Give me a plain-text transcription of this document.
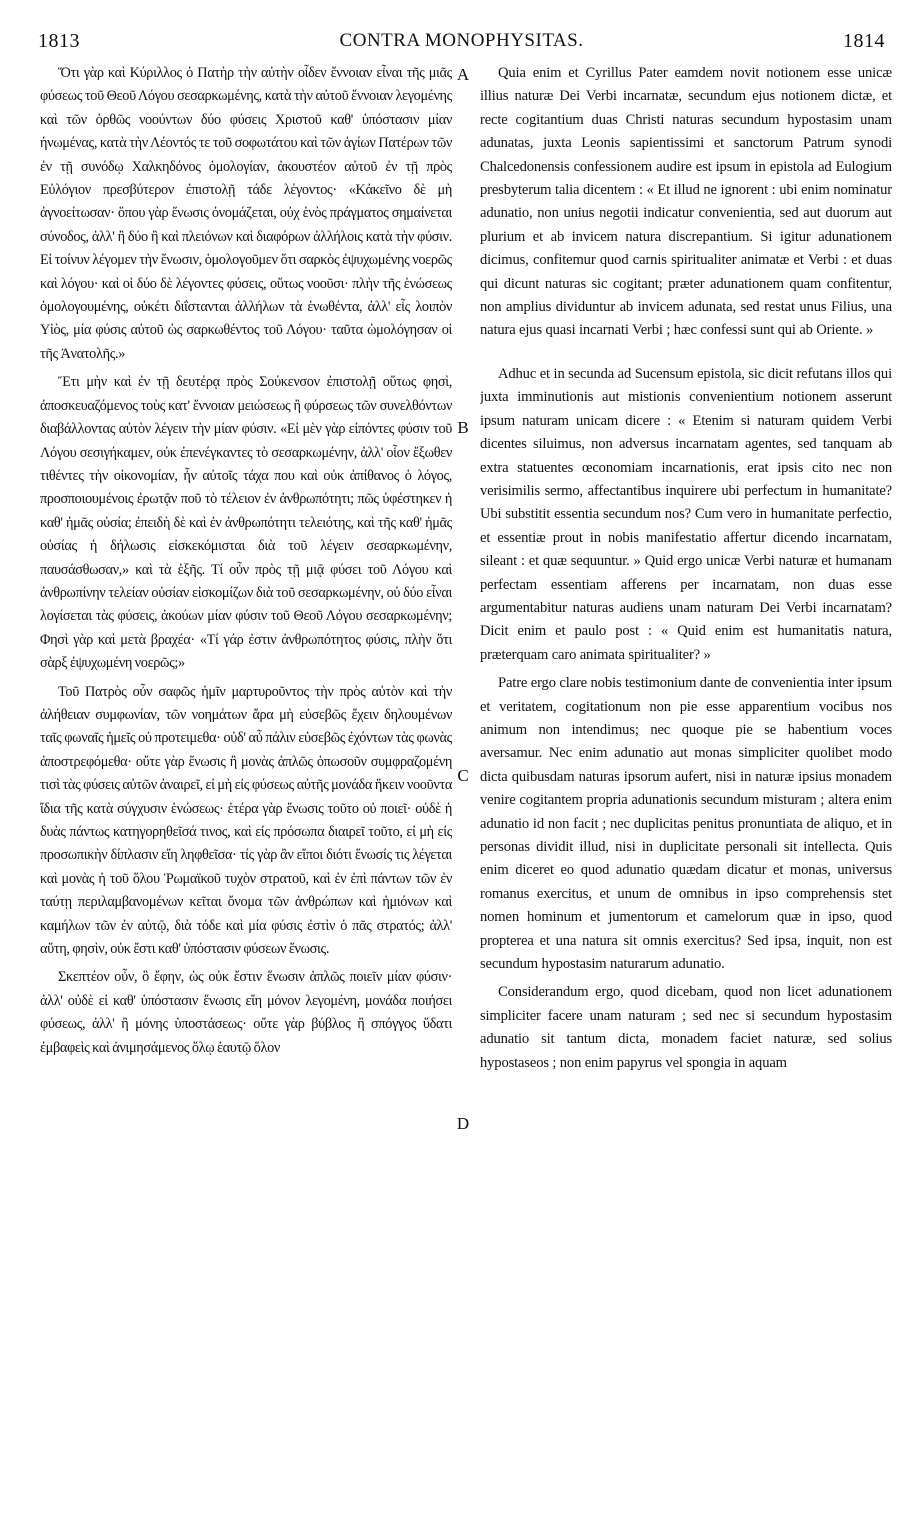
1813	CONTRA MONOPHYSITAS.	1814

Ὅτι γὰρ καὶ Κύριλλος ὁ Πατὴρ τὴν αὐτὴν οἶδεν ἔννοιαν εἶναι τῆς μιᾶς φύσεως τοῦ Θεοῦ Λόγου σεσαρκωμένης, κατὰ τὴν αὐτοῦ ἔννοιαν λεγομένης καὶ τῶν ὀρθῶς νοούντων δύο φύσεις Χριστοῦ καθ' ὑπόστασιν μίαν ἡνωμένας, κατὰ τὴν Λέοντός τε τοῦ σοφωτάτου καὶ τῶν ἁγίων Πατέρων τῶν ἐν τῇ συνόδῳ Χαλκηδόνος ὁμολογίαν, ἀκουστέον αὐτοῦ ἐν τῇ πρὸς Εὐλόγιον πρεσβύτερον ἐπιστολῇ τάδε λέγοντος· «Κἀκεῖνο δὲ μὴ ἀγνοείτωσαν· ὅπου γὰρ ἕνωσις ὀνομάζεται, οὐχ ἑνὸς πράγματος σημαίνεται σύνοδος, ἀλλ' ἢ δύο ἢ καὶ πλειόνων καὶ διαφόρων ἀλλήλοις κατὰ τὴν φύσιν. Εἰ τοίνυν λέγομεν τὴν ἕνωσιν, ὁμολογοῦμεν ὅτι σαρκὸς ἐψυχωμένης νοερῶς καὶ λόγου· καὶ οἱ δύο δὲ λέγοντες φύσεις, οὕτως νοοῦσι· πλὴν τῆς ἑνώσεως ὁμολογουμένης, οὐκέτι διΐστανται ἀλλήλων τὰ ἑνωθέντα, ἀλλ' εἷς λοιπὸν Υἱὸς, μία φύσις αὐτοῦ ὡς σαρκωθέντος τοῦ Λόγου· ταῦτα ὡμολόγησαν οἱ τῆς Ἀνατολῆς.»

Ἔτι μὴν καὶ ἐν τῇ δευτέρᾳ πρὸς Σούκενσον ἐπιστολῇ οὕτως φησὶ, ἀποσκευαζόμενος τοὺς κατ' ἔννοιαν μειώσεως ἢ φύρσεως τῶν συνελθόντων διαβάλλοντας αὐτὸν λέγειν τὴν μίαν φύσιν. «Εἰ μὲν γὰρ εἰπόντες φύσιν τοῦ Λόγου σεσιγήκαμεν, οὐκ ἐπενέγκαντες τὸ σεσαρκωμένην, ἀλλ' οἷον ἔξωθεν τιθέντες τὴν οἰκονομίαν, ἦν αὐτοῖς τάχα που καὶ οὐκ ἀπίθανος ὁ λόγος, προσποιουμένοις ἐρωτᾷν ποῦ τὸ τέλειον ἐν ἀνθρωπότητι; πῶς ὑφέστηκεν ἡ καθ' ἡμᾶς οὐσία; ἐπειδὴ δὲ καὶ ἐν ἀνθρωπότητι τελειότης, καὶ τῆς καθ' ἡμᾶς οὐσίας ἡ δήλωσις εἰσκεκόμισται διὰ τοῦ λέγειν σεσαρκωμένην, παυσάσθωσαν,» καὶ τὰ ἑξῆς. Τί οὖν πρὸς τῇ μιᾷ φύσει τοῦ Λόγου καὶ ἀνθρωπίνην τελείαν οὐσίαν εἰσκομίζων διὰ τοῦ σεσαρκωμένην, οὐ δύο εἶναι λογίσεται τὰς φύσεις, ἀκούων μίαν φύσιν τοῦ Θεοῦ Λόγου σεσαρκωμένην; Φησὶ γὰρ καὶ μετὰ βραχέα· «Τί γάρ ἐστιν ἀνθρωπότητος φύσις, πλὴν ὅτι σὰρξ ἐψυχωμένη νοερῶς;»

Τοῦ Πατρὸς οὖν σαφῶς ἡμῖν μαρτυροῦντος τὴν πρὸς αὐτὸν καὶ τὴν ἀλήθειαν συμφωνίαν, τῶν νοημάτων ἄρα μὴ εὐσεβῶς ἔχειν δηλουμένων ταῖς φωναῖς ἡμεῖς οὐ προτειμεθα· οὐδ' αὖ πάλιν εὐσεβῶς ἐχόντων τὰς φωνὰς ἀποστρεφόμεθα· οὔτε γὰρ ἕνωσις ἢ μονὰς ἁπλῶς ὁπωσοῦν συμφραζομένη τισὶ τὰς φύσεις αὐτῶν ἀναιρεῖ, εἰ μὴ εἰς φύσεως αὐτῆς μονάδα ἥκειν νοοῦντα ἴδια τῆς κατὰ σύγχυσιν ἑνώσεως· ἑτέρα γὰρ ἕνωσις τοῦτο οὐ ποιεῖ· οὐδὲ ἡ δυὰς πάντως κατηγορηθεῖσά τινος, καὶ εἰς πρόσωπα διαιρεῖ τοῦτο, εἰ μὴ εἰς προσωπικὴν δίπλασιν εἴη ληφθεῖσα· τίς γὰρ ἂν εἴποι διότι ἕνωσίς τις λέγεται καὶ μονὰς ἡ τοῦ ὅλου Ῥωμαϊκοῦ τυχὸν στρατοῦ, καὶ ἐν ἐπὶ πάντων τῶν ἐν ταύτῃ περιλαμβανομένων κεῖται ὄνομα τῶν ἀνθρώπων καὶ ἡμιόνων καὶ καμήλων τῶν ἐν αὐτῷ, διὰ τόδε καὶ μία φύσις ἐστὶν ὁ πᾶς στρατός; ἀλλ' αὕτη, φησὶν, οὐκ ἔστι καθ' ὑπόστασιν φύσεων ἕνωσις.

Σκεπτέον οὖν, ὃ ἔφην, ὡς οὐκ ἔστιν ἕνωσιν ἁπλῶς ποιεῖν μίαν φύσιν· ἀλλ' οὐδὲ εἰ καθ' ὑπόστασιν ἕνωσις εἴη μόνον λεγομένη, μονάδα ποιήσει φύσεως, ἀλλ' ἢ μόνης ὑποστάσεως· οὔτε γὰρ βύβλος ἢ σπόγγος ὕδατι ἐμβαφεὶς καὶ ἀνιμησάμενος ὅλῳ ἑαυτῷ ὅλον

A
B
C
D

Quia enim et Cyrillus Pater eamdem novit notionem esse unicæ illius naturæ Dei Verbi incarnatæ, secundum ejus notionem dictæ, et recte cogitantium duas Christi naturas secundum hypostasim unam adunatas, juxta Leonis sapientissimi et sanctorum Patrum synodi Chalcedonensis confessionem audire est ipsum in epistola ad Eulogium presbyterum talia dicentem : « Et illud ne ignorent : ubi enim nominatur adunatio, non unius negotii indicatur convenientia, sed aut duorum aut plurium et ab invicem natura discrepantium. Si igitur adunationem dicimus, confitemur quod carnis spiritualiter animatæ et Verbi : et duas qui dicunt naturas sic cogitant; præter adunationem quam confitentur, non amplius dividuntur ab invicem adunata, sed restat unus Filius, una natura ejus quasi incarnati Verbi ; hæc confessi sunt qui ab Oriente. »

Adhuc et in secunda ad Sucensum epistola, sic dicit refutans illos qui juxta imminutionis aut mistionis convenientium notionem asserunt ipsum naturam unicam dicere : « Etenim si naturam quidem Verbi dicentes siluimus, non adversus incarnatam agentes, sed tanquam ab extra statuentes œconomiam incarnationis, erat ipsis cito nec non verisimilis sermo, affectantibus inquirere ubi perfectum in humanitate? Ubi substitit essentia secundum nos? Cum vero in humanitate perfectio, et essentiæ prout in nobis manifestatio affertur dicendo incarnatam, sileant : et quæ sequuntur. » Quid ergo unicæ Verbi naturæ et humanam perfectam essentiam afferens per incarnatam, non duas esse argumentabitur naturas audiens unam naturam Dei Verbi incarnatam? Dicit enim et paulo post : « Quid enim est humanitatis natura, præterquam caro animata spiritualiter? »

Patre ergo clare nobis testimonium dante de convenientia inter ipsum et veritatem, cogitationum non pie esse apparentium vocibus nos animum non intendimus; nec quoque pie se habentium voces aversamur. Nec enim adunatio aut monas simpliciter quolibet modo dicta quibusdam naturas ipsorum aufert, nisi in naturæ ipsius monadem venire cogitantem propria adunationis secundum misturam ; altera enim adunatio id non facit ; nec duplicitas penitus pronuntiata de aliquo, et in personas dividit illud, nisi in duplicitate personali sit intellecta. Quis enim diceret eo quod adunatio quædam dicatur et monas, universus romanus exercitus, et unum de omnibus in ipso comprehensis stet nomen hominum et jumentorum et camelorum quæ in ipso, quod propterea et una natura sit omnis exercitus? Sed ipsa, inquit, non est secundum hypostasim naturarum adunatio.

Considerandum ergo, quod dicebam, quod non licet adunationem simpliciter facere unam naturam ; sed nec si secundum hypostasim adunatio sit tantum dicta, monadem faciet naturæ, sed solius hypostaseos ; non enim papyrus vel spongia in aquam
